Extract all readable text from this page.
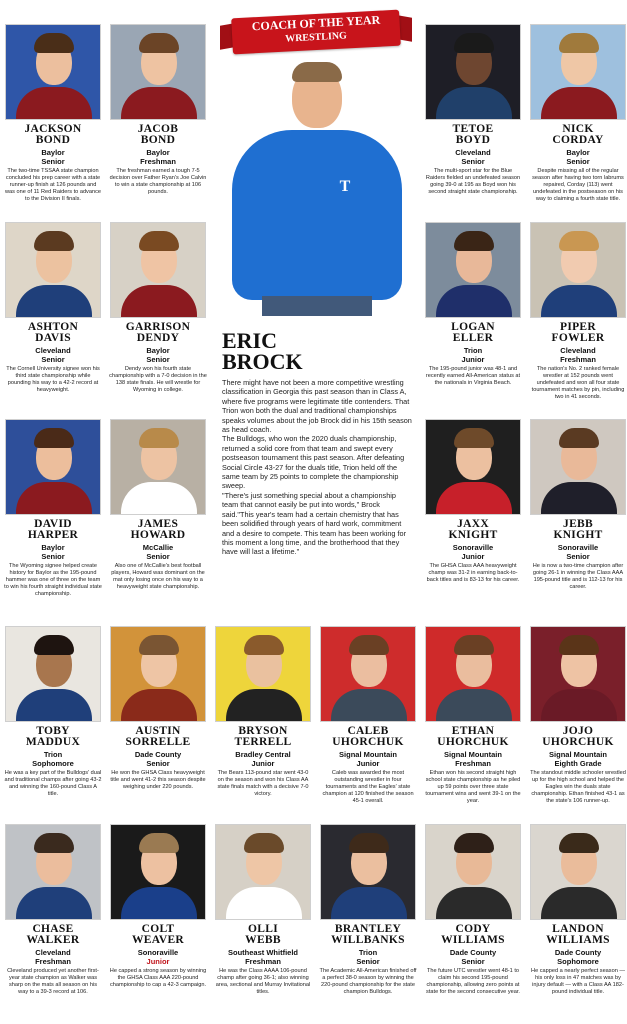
COACH OF THE YEAR
WRESTLING
T
ERIC
BROCK

There might have not been a more competitive wrestling classification in Georgia this past season than in Class A, where five programs were legitimate title contenders. That Trion won both the dual and traditional championships speaks volumes about the job Brock did in his 15th season as head coach.

The Bulldogs, who won the 2020 duals championship, returned a solid core from that team and swept every postseason tournament this past season. After defeating Social Circle 43-27 for the duals title, Trion held off the same team by 25 points to complete the championship sweep.

"There's just something special about a championship team that cannot easily be put into words," Brock said."This year's team had a certain chemistry that has been solidified through years of hard work, commitment and a desire to compete. This team has been working for this moment a long time, and the brotherhood that they have will last a lifetime."

JACKSON
BOND
Baylor
Senior
The two-time TSSAA state champion concluded his prep career with a state runner-up finish at 126 pounds and was one of 11 Red Raiders to advance to the Division II finals.
JACOB
BOND
Baylor
Freshman
The freshman earned a tough 7-5 decision over Father Ryan's Joe Calvin to win a state championship at 106 pounds.
TETOE
BOYD
Cleveland
Senior
The multi-sport star for the Blue Raiders fielded an undefeated season going 39-0 at 195 as Boyd won his second straight state championship.
NICK
CORDAY
Baylor
Senior
Despite missing all of the regular season after having two torn labrums repaired, Corday (113) went undefeated in the postseason on his way to claiming a fourth state title.
ASHTON
DAVIS
Cleveland
Senior
The Cornell University signee won his third state championship while pounding his way to a 42-2 record at heavyweight.
GARRISON
DENDY
Baylor
Senior
Dendy won his fourth state championship with a 7-0 decision in the 138 state finals. He will wrestle for Wyoming in college.
LOGAN
ELLER
Trion
Junior
The 195-pound junior was 48-1 and recently earned All-American status at the nationals in Virginia Beach.
PIPER
FOWLER
Cleveland
Freshman
The nation's No. 2 ranked female wrestler at 152 pounds went undefeated and won all four state tournament matches by pin, including two in 41 seconds.
DAVID
HARPER
Baylor
Senior
The Wyoming signee helped create history for Baylor as the 195-pound hammer was one of three on the team to win his fourth straight individual state championship.
JAMES
HOWARD
McCallie
Senior
Also one of McCallie's best football players, Howard was dominant on the mat only losing once on his way to a heavyweight state championship.
JAXX
KNIGHT
Sonoraville
Junior
The GHSA Class AAA heavyweight champ was 31-2 in earning back-to-back titles and is 83-13 for his career.
JEBB
KNIGHT
Sonoraville
Senior
He is now a two-time champion after going 26-1 in winning the Class AAA 195-pound title and is 112-13 for his career.
TOBY
MADDUX
Trion
Sophomore
He was a key part of the Bulldogs' dual and traditional champs after going 43-2 and winning the 160-pound Class A title.
AUSTIN
SORRELLE
Dade County
Senior
He won the GHSA Class heavyweight title and went 41-2 this season despite weighing under 220 pounds.
BRYSON
TERRELL
Bradley Central
Junior
The Bears 113-pound star went 43-0 on the season and won his Class AA state finals match with a decisive 7-0 victory.
CALEB
UHORCHUK
Signal Mountain
Junior
Caleb was awarded the most outstanding wrestler in four tournaments and the Eagles' state champion at 120 finished the season 45-1 overall.
ETHAN
UHORCHUK
Signal Mountain
Freshman
Ethan won his second straight high school state championship as he piled up 59 points over three state tournament wins and went 39-1 on the year.
JOJO
UHORCHUK
Signal Mountain
Eighth Grade
The standout middle schooler wrestled up for the high school and helped the Eagles win the duals state championship. Ethan finished 43-1 as the state's 106 runner-up.
CHASE
WALKER
Cleveland
Freshman
Cleveland produced yet another first-year state champion as Walker was sharp on the mats all season on his way to a 39-3 record at 106.
COLT
WEAVER
Sonoraville
Junior
He capped a strong season by winning the GHSA Class AAA 220-pound championship to cap a 42-3 campaign.
OLLI
WEBB
Southeast Whitfield
Freshman
He was the Class AAAA 106-pound champ after going 36-1; also winning area, sectional and Murray Invitational titles.
BRANTLEY
WILLBANKS
Trion
Senior
The Academic All-American finished off a perfect 38-0 season by winning the 220-pound championship for the state champion Bulldogs.
CODY
WILLIAMS
Dade County
Senior
The future UTC wrestler went 48-1 to claim his second 195-pound championship, allowing zero points at state for the second consecutive year.
LANDON
WILLIAMS
Dade County
Sophomore
He capped a nearly perfect season — his only loss in 47 matches was by injury default — with a Class AA 182-pound individual title.
